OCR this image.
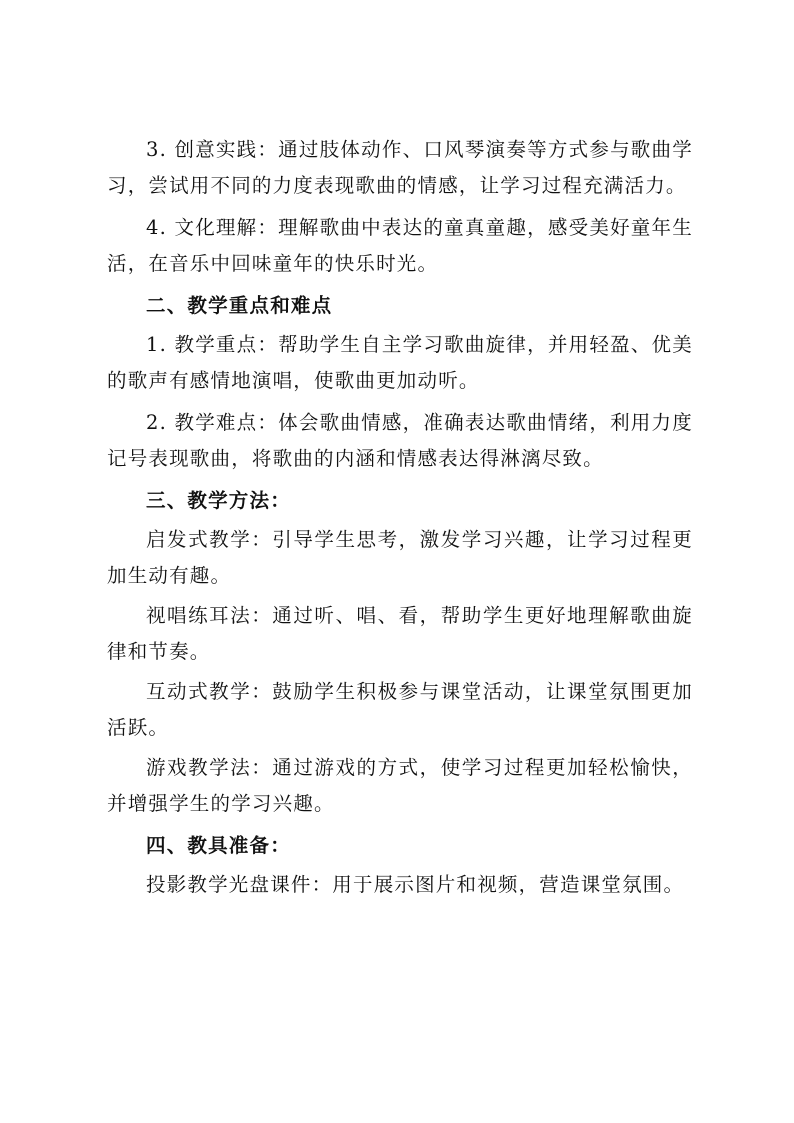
3. 创意实践：通过肢体动作、口风琴演奏等方式参与歌曲学习，尝试用不同的力度表现歌曲的情感，让学习过程充满活力。

4. 文化理解：理解歌曲中表达的童真童趣，感受美好童年生活，在音乐中回味童年的快乐时光。

二、教学重点和难点

1. 教学重点：帮助学生自主学习歌曲旋律，并用轻盈、优美的歌声有感情地演唱，使歌曲更加动听。

2. 教学难点：体会歌曲情感，准确表达歌曲情绪，利用力度记号表现歌曲，将歌曲的内涵和情感表达得淋漓尽致。

三、教学方法：

启发式教学：引导学生思考，激发学习兴趣，让学习过程更加生动有趣。

视唱练耳法：通过听、唱、看，帮助学生更好地理解歌曲旋律和节奏。

互动式教学：鼓励学生积极参与课堂活动，让课堂氛围更加活跃。

游戏教学法：通过游戏的方式，使学习过程更加轻松愉快，并增强学生的学习兴趣。

四、教具准备：

投影教学光盘课件：用于展示图片和视频，营造课堂氛围。
